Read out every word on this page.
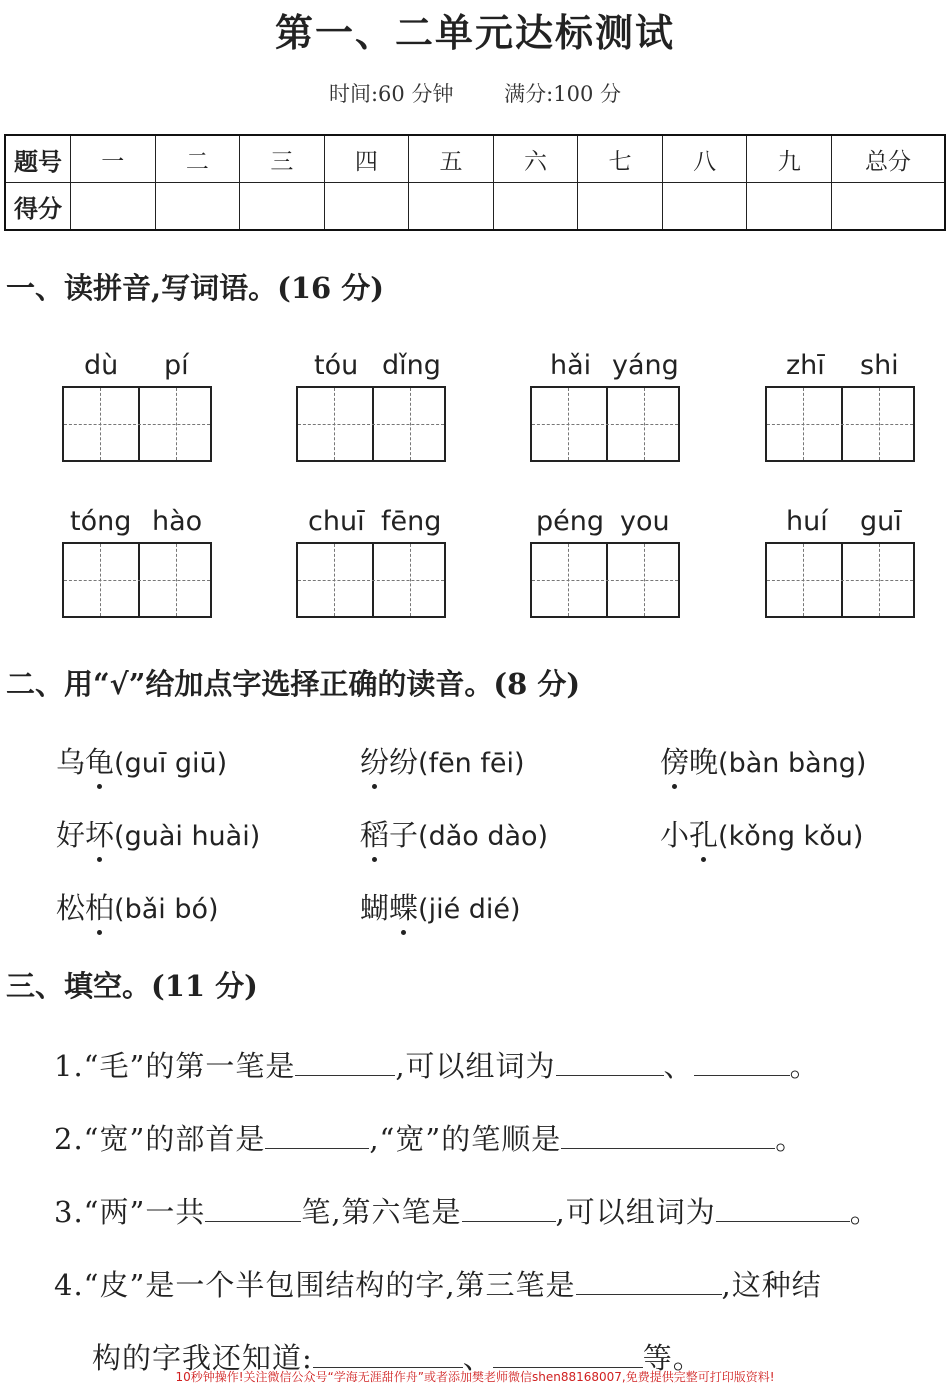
第一、二单元达标测试
时间:60 分钟 满分:100 分
题号	一	二	三	四	五	六	七	八	九	总分
得分										
一、读拼音,写词语。(16 分)
dù pí	tóu dǐng	hǎi yáng	zhī shi
tóng hào	chuī fēng	péng you	huí guī
二、用“√”给加点字选择正确的读音。(8 分)
乌龟(guī giū)	纷纷(fēn fēi)	傍晚(bàn bàng)
好坏(guài huài)	稻子(dǎo dào)	小孔(kǒng kǒu)
松柏(bǎi bó)	蝴蝶(jié dié)
三、填空。(11 分)
1.“毛”的第一笔是	,可以组词为	、	。
2.“宽”的部首是	,“宽”的笔顺是	。
3.“两”一共	笔,第六笔是	,可以组词为	。
4.“皮”是一个半包围结构的字,第三笔是	,这种结
构的字我还知道:	、	等。
10秒钟操作!关注微信公众号“学海无涯甜作舟”或者添加樊老师微信shen88168007,免费提供完整可打印版资料!
